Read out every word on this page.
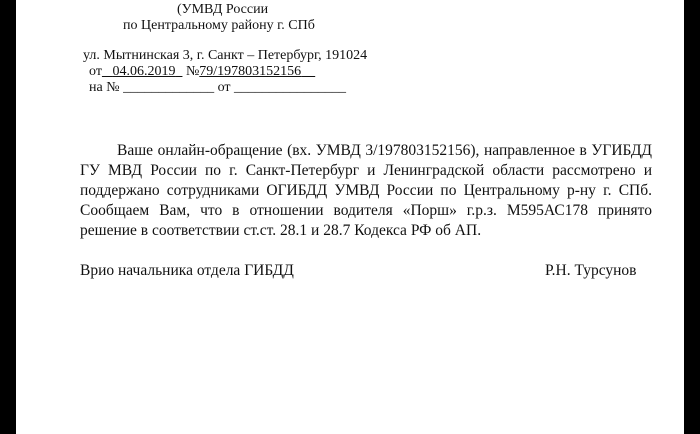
(УМВД России
по Центральному району г. СПб
ул. Мытнинская 3, г. Санкт – Петербург, 191024
от 04.06.2019 №79/197803152156
на № _____________ от ________________

Ваше онлайн-обращение (вх. УМВД 3/197803152156), направленное в УГИБДД ГУ МВД России по г. Санкт-Петербург и Ленинградской области рассмотрено и поддержано сотрудниками ОГИБДД УМВД России по Центральному р-ну г. СПб. Сообщаем Вам, что в отношении водителя «Порш» г.р.з. М595АС178 принято решение в соответствии ст.ст. 28.1 и 28.7 Кодекса РФ об АП.

Врио начальника отдела ГИБДД	Р.Н. Турсунов
